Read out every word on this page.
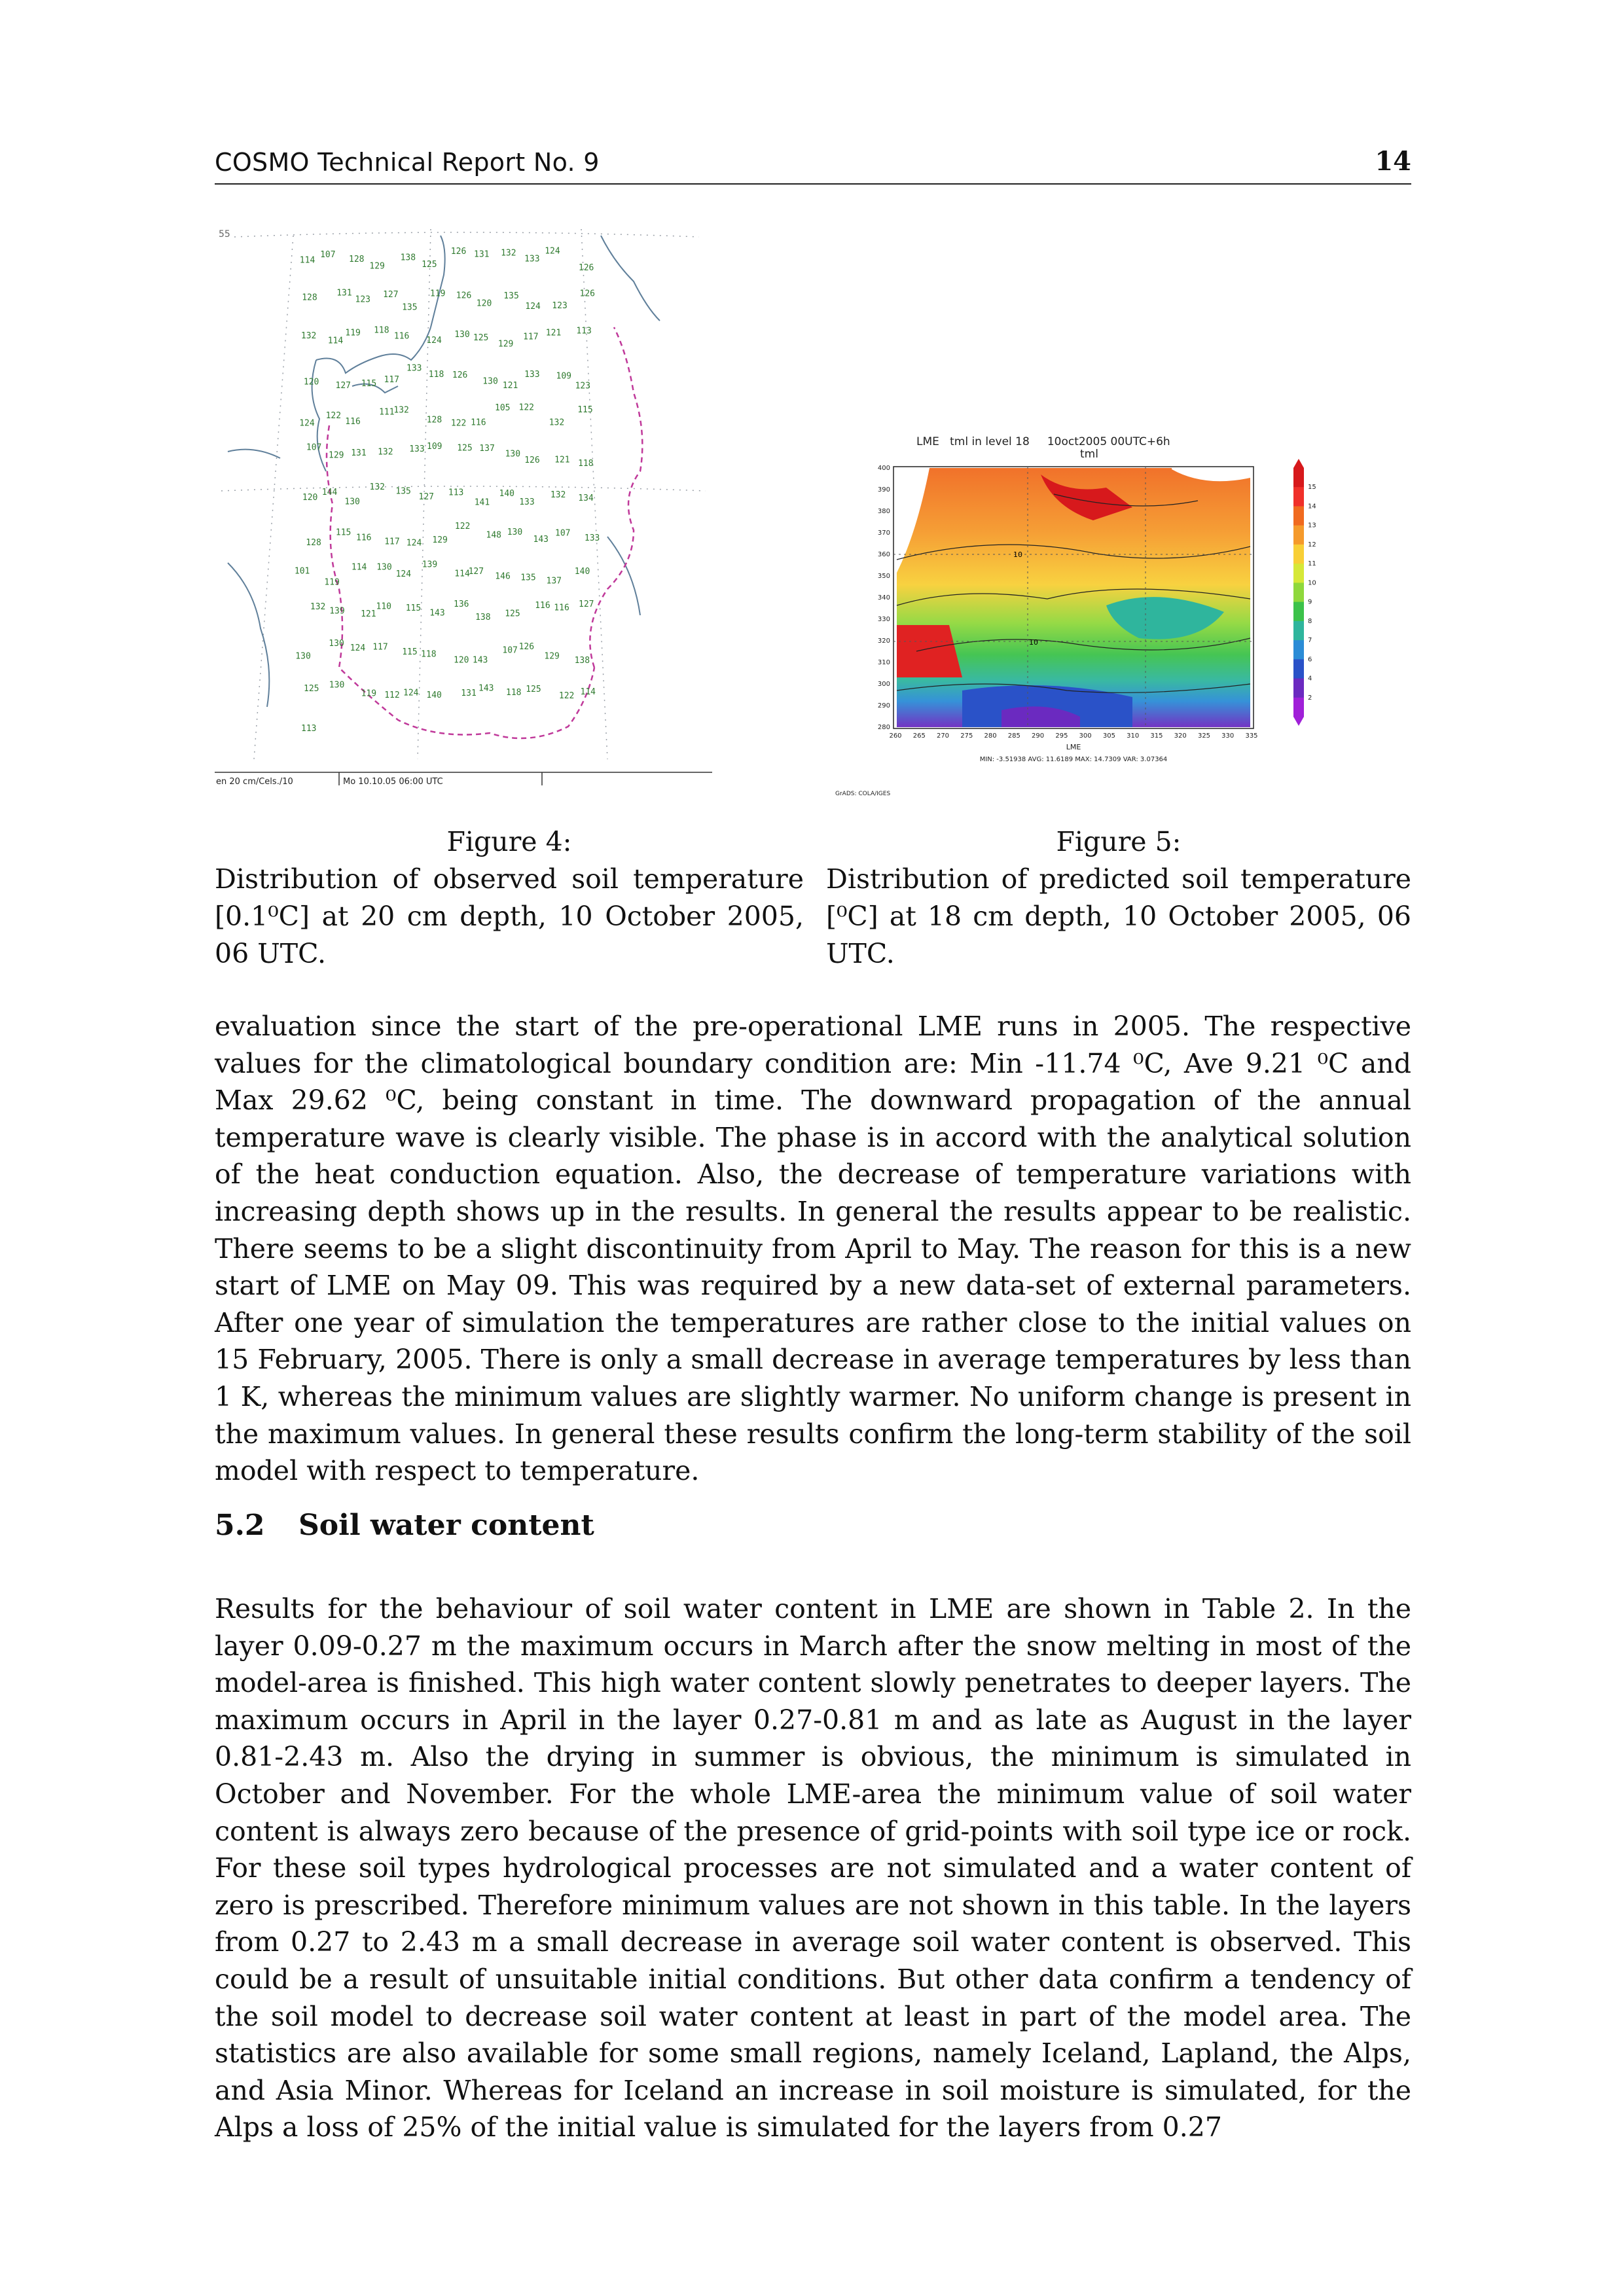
COSMO Technical Report No. 9	14
55
114
107 128
129
138
125
126 131 132
133
124
126
128 131
123 127
135
119 126
120
135
124 123
126
132 114
119 118
116 124
130 125
129
117 121 113
120 127 115 117
133
118 126
130 121
133 109
123
124
122
116
111
132
128 122 116
105 122
132
115
107
129 131 132 133 109 125 137
130
126 121 118
120
144
130
132 135
127 113
141
140
133
132 134
128
115
116 117 124 129
122
148 130
143
107
133
101
119
114 130
124
139
114
127 146 135 137
140
132 139 121
110 115 143
136
138 125
116 116 127
130
130 124 117 115 118
120 143
107 126
129 138
125 130
119 112 124 140 131
143 118 125
122 114
113
en 20 cm/Cels./10	Mo 10.10.05 06:00 UTC
LME   tml in level 18     10oct2005 00UTC+6h
tml
10
10
400
390
380
370
360
350
340
330
320
310
300
290
280
260 265 270 275 280 285 290 295 300 305 310 315 320 325 330 335
LME
MIN: -3.51938 AVG: 11.6189 MAX: 14.7309 VAR: 3.07364
GrADS: COLA/IGES
15
14
13
12
11
10
9
8
7
6
4
2
Figure 4:
Distribution of observed soil temperature [0.1⁰C] at 20 cm depth, 10 October 2005, 06 UTC.
Figure 5:
Distribution of predicted soil temperature [⁰C] at 18 cm depth, 10 October 2005, 06 UTC.

evaluation since the start of the pre-operational LME runs in 2005. The respective values for the climatological boundary condition are: Min -11.74 ⁰C, Ave 9.21 ⁰C and Max 29.62 ⁰C, being constant in time. The downward propagation of the annual temperature wave is clearly visible. The phase is in accord with the analytical solution of the heat conduction equation. Also, the decrease of temperature variations with increasing depth shows up in the results. In general the results appear to be realistic. There seems to be a slight discontinuity from April to May. The reason for this is a new start of LME on May 09. This was required by a new data-set of external parameters. After one year of simulation the temperatures are rather close to the initial values on 15 February, 2005. There is only a small decrease in average temperatures by less than 1 K, whereas the minimum values are slightly warmer. No uniform change is present in the maximum values. In general these results confirm the long-term stability of the soil model with respect to temperature.

5.2 Soil water content

Results for the behaviour of soil water content in LME are shown in Table 2. In the layer 0.09-0.27 m the maximum occurs in March after the snow melting in most of the model-area is finished. This high water content slowly penetrates to deeper layers. The maximum occurs in April in the layer 0.27-0.81 m and as late as August in the layer 0.81-2.43 m. Also the drying in summer is obvious, the minimum is simulated in October and November. For the whole LME-area the minimum value of soil water content is always zero because of the presence of grid-points with soil type ice or rock. For these soil types hydrological processes are not simulated and a water content of zero is prescribed. Therefore minimum values are not shown in this table. In the layers from 0.27 to 2.43 m a small decrease in average soil water content is observed. This could be a result of unsuitable initial conditions. But other data confirm a tendency of the soil model to decrease soil water content at least in part of the model area. The statistics are also available for some small regions, namely Iceland, Lapland, the Alps, and Asia Minor. Whereas for Iceland an increase in soil moisture is simulated, for the Alps a loss of 25% of the initial value is simulated for the layers from 0.27
